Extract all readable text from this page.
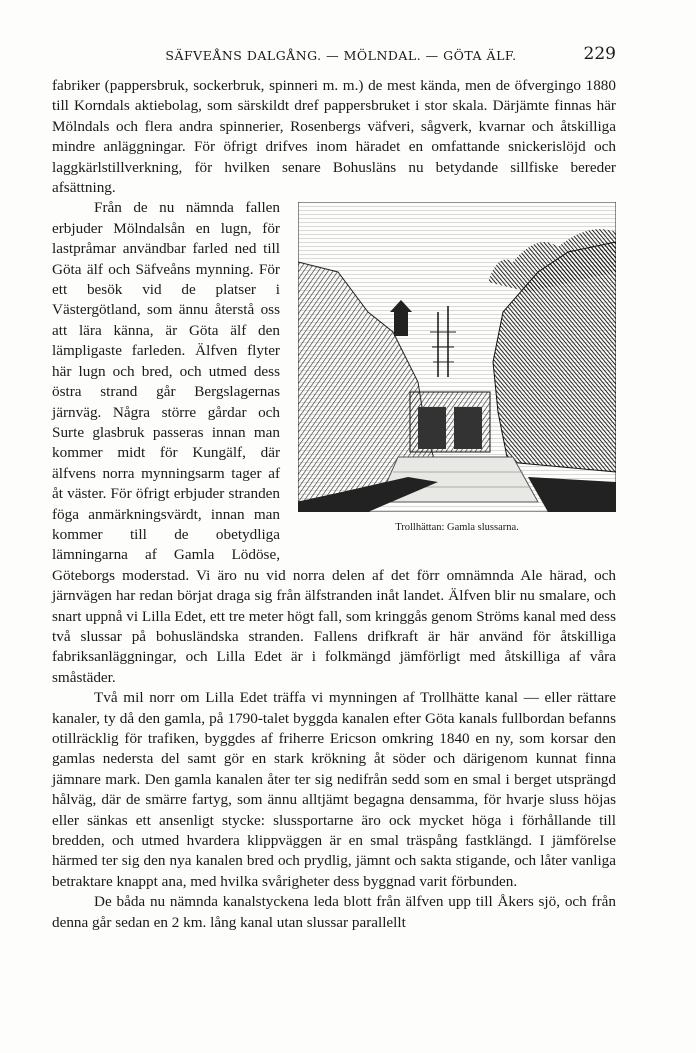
SÄFVEÅNS DALGÅNG. — MÖLNDAL. — GÖTA ÄLF.	229

fabriker (pappersbruk, sockerbruk, spinneri m. m.) de mest kända, men de öfvergingo 1880 till Korndals aktiebolag, som särskildt dref pappersbruket i stor skala. Därjämte finnas här Mölndals och flera andra spinnerier, Rosenbergs väfveri, sågverk, kvarnar och åtskilliga mindre anläggningar. För öfrigt drifves inom häradet en omfattande snickerislöjd och laggkärlstillverkning, för hvilken senare Bohusläns nu betydande sillfiske bereder afsättning.

Trollhättan: Gamla slussarna.

Från de nu nämnda fallen erbjuder Mölndalsån en lugn, för lastpråmar användbar farled ned till Göta älf och Säfveåns mynning. För ett besök vid de platser i Västergötland, som ännu återstå oss att lära känna, är Göta älf den lämpligaste farleden. Älfven flyter här lugn och bred, och utmed dess östra strand går Bergslagernas järnväg. Några större gårdar och Surte glasbruk passeras innan man kommer midt för Kungälf, där älfvens norra mynningsarm tager af åt väster. För öfrigt erbjuder stranden föga anmärkningsvärdt, innan man kommer till de obetydliga lämningarna af Gamla Lödöse, Göteborgs moderstad. Vi äro nu vid norra delen af det förr omnämnda Ale härad, och järnvägen har redan börjat draga sig från älfstranden inåt landet. Älfven blir nu smalare, och snart uppnå vi Lilla Edet, ett tre meter högt fall, som kringgås genom Ströms kanal med dess två slussar på bohusländska stranden. Fallens drifkraft är här använd för åtskilliga fabriksanläggningar, och Lilla Edet är i folkmängd jämförligt med åtskilliga af våra småstäder.

Två mil norr om Lilla Edet träffa vi mynningen af Trollhätte kanal — eller rättare kanaler, ty då den gamla, på 1790-talet byggda kanalen efter Göta kanals fullbordan befanns otillräcklig för trafiken, byggdes af friherre Ericson omkring 1840 en ny, som korsar den gamlas nedersta del samt gör en stark krökning åt söder och därigenom kunnat finna jämnare mark. Den gamla kanalen åter ter sig nedifrån sedd som en smal i berget utsprängd hålväg, där de smärre fartyg, som ännu alltjämt begagna densamma, för hvarje sluss höjas eller sänkas ett ansenligt stycke: slussportarne äro ock mycket höga i förhållande till bredden, och utmed hvardera klippväggen är en smal träspång fastklängd. I jämförelse härmed ter sig den nya kanalen bred och prydlig, jämnt och sakta stigande, och låter vanliga betraktare knappt ana, med hvilka svårigheter dess byggnad varit förbunden.

De båda nu nämnda kanalstyckena leda blott från älfven upp till Åkers sjö, och från denna går sedan en 2 km. lång kanal utan slussar parallellt
